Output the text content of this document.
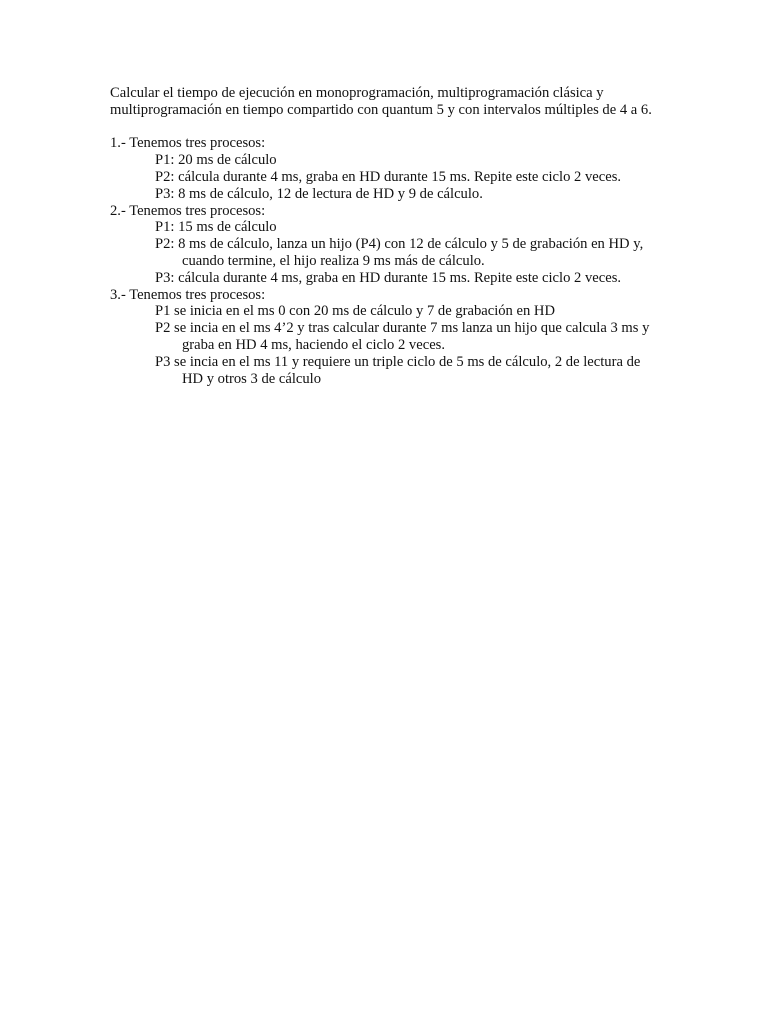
Calcular el tiempo de ejecución en monoprogramación, multiprogramación clásica y
multiprogramación en tiempo compartido con quantum 5 y con intervalos múltiples de 4 a 6.

1.- Tenemos tres procesos:
P1: 20 ms de cálculo
P2: cálcula durante 4 ms, graba en HD durante 15 ms. Repite este ciclo 2 veces.
P3: 8 ms de cálculo, 12 de lectura de HD y 9 de cálculo.
2.- Tenemos tres procesos:
P1: 15 ms de cálculo
P2: 8 ms de cálculo, lanza un hijo (P4) con 12 de cálculo y 5 de grabación en HD y,
cuando termine, el hijo realiza 9 ms más de cálculo.
P3: cálcula durante 4 ms, graba en HD durante 15 ms. Repite este ciclo 2 veces.
3.- Tenemos tres procesos:
P1 se inicia en el ms 0 con 20 ms de cálculo y 7 de grabación en HD
P2 se incia en el ms 4’2 y tras calcular durante 7 ms lanza un hijo que calcula 3 ms y
graba en HD 4 ms, haciendo el ciclo 2 veces.
P3 se incia en el ms 11 y requiere un triple ciclo de 5 ms de cálculo, 2 de lectura de
HD y otros 3 de cálculo
